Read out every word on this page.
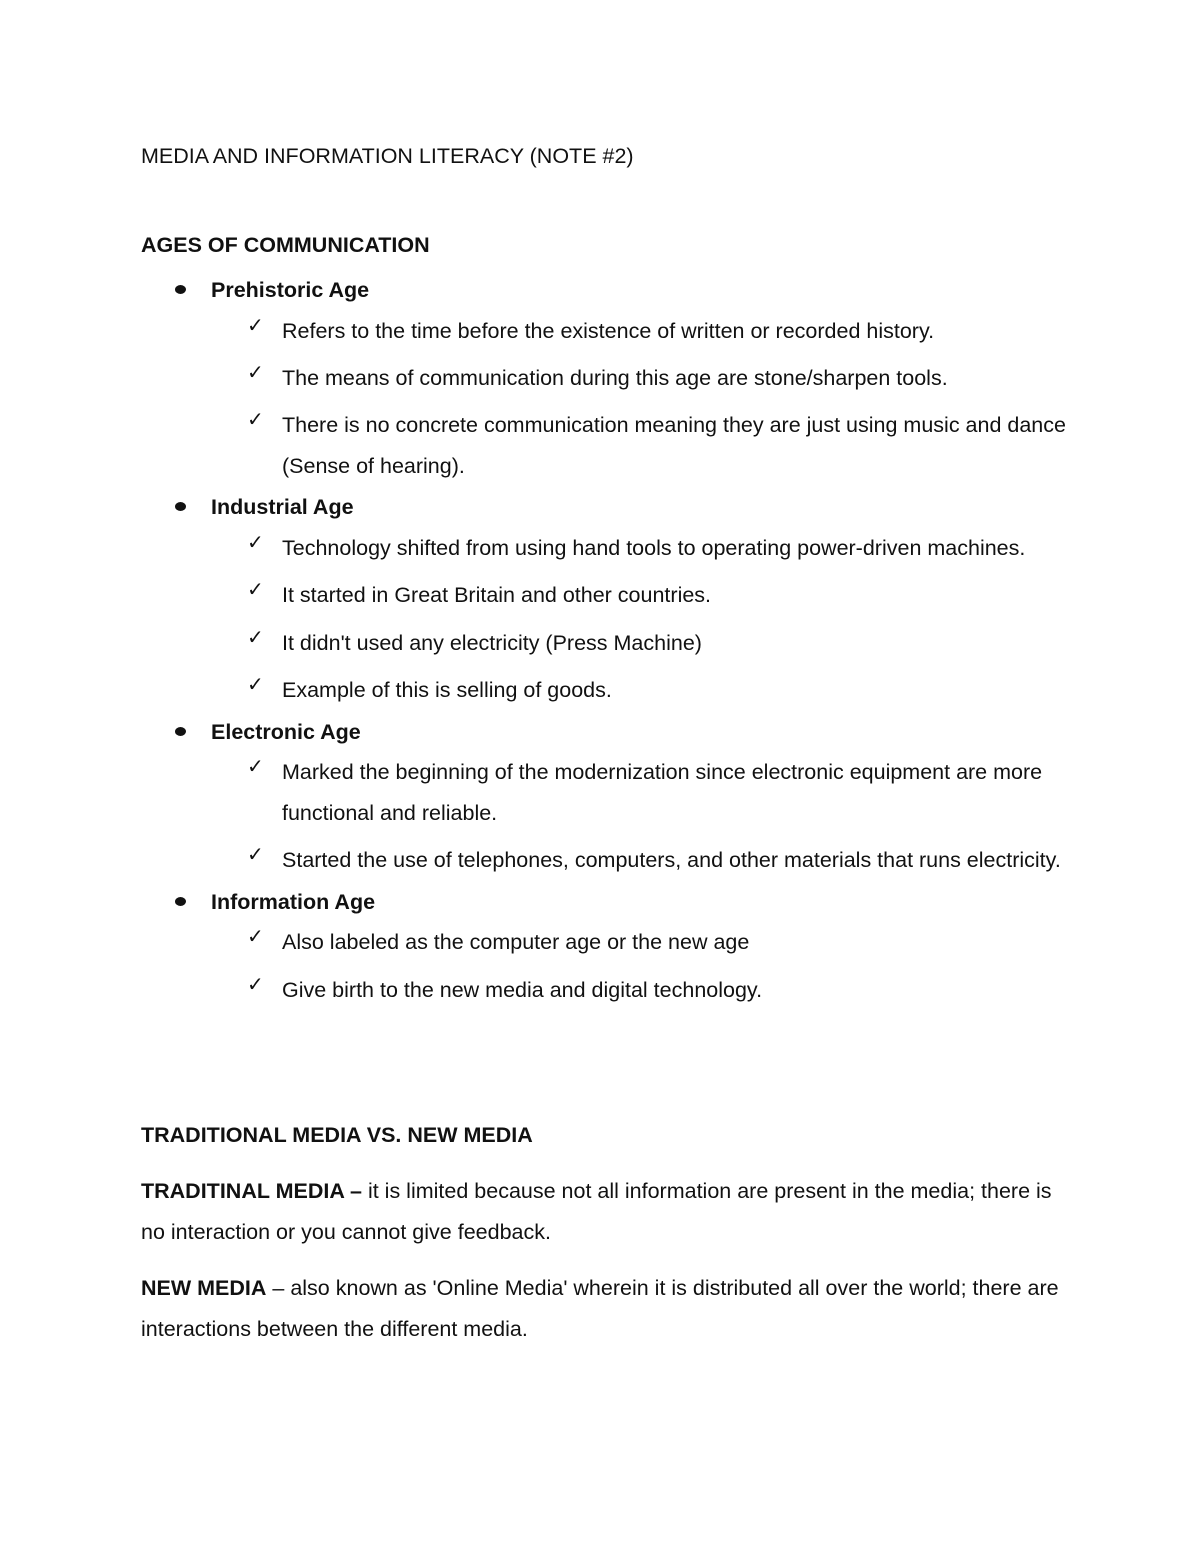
MEDIA AND INFORMATION LITERACY (NOTE #2)
AGES OF COMMUNICATION
Prehistoric Age
✓ Refers to the time before the existence of written or recorded history.
✓ The means of communication during this age are stone/sharpen tools.
✓ There is no concrete communication meaning they are just using music and dance (Sense of hearing).
Industrial Age
✓ Technology shifted from using hand tools to operating power-driven machines.
✓ It started in Great Britain and other countries.
✓ It didn't used any electricity (Press Machine)
✓ Example of this is selling of goods.
Electronic Age
✓ Marked the beginning of the modernization since electronic equipment are more functional and reliable.
✓ Started the use of telephones, computers, and other materials that runs electricity.
Information Age
✓ Also labeled as the computer age or the new age
✓ Give birth to the new media and digital technology.
TRADITIONAL MEDIA VS. NEW MEDIA
TRADITINAL MEDIA – it is limited because not all information are present in the media; there is no interaction or you cannot give feedback.
NEW MEDIA – also known as 'Online Media' wherein it is distributed all over the world; there are interactions between the different media.
